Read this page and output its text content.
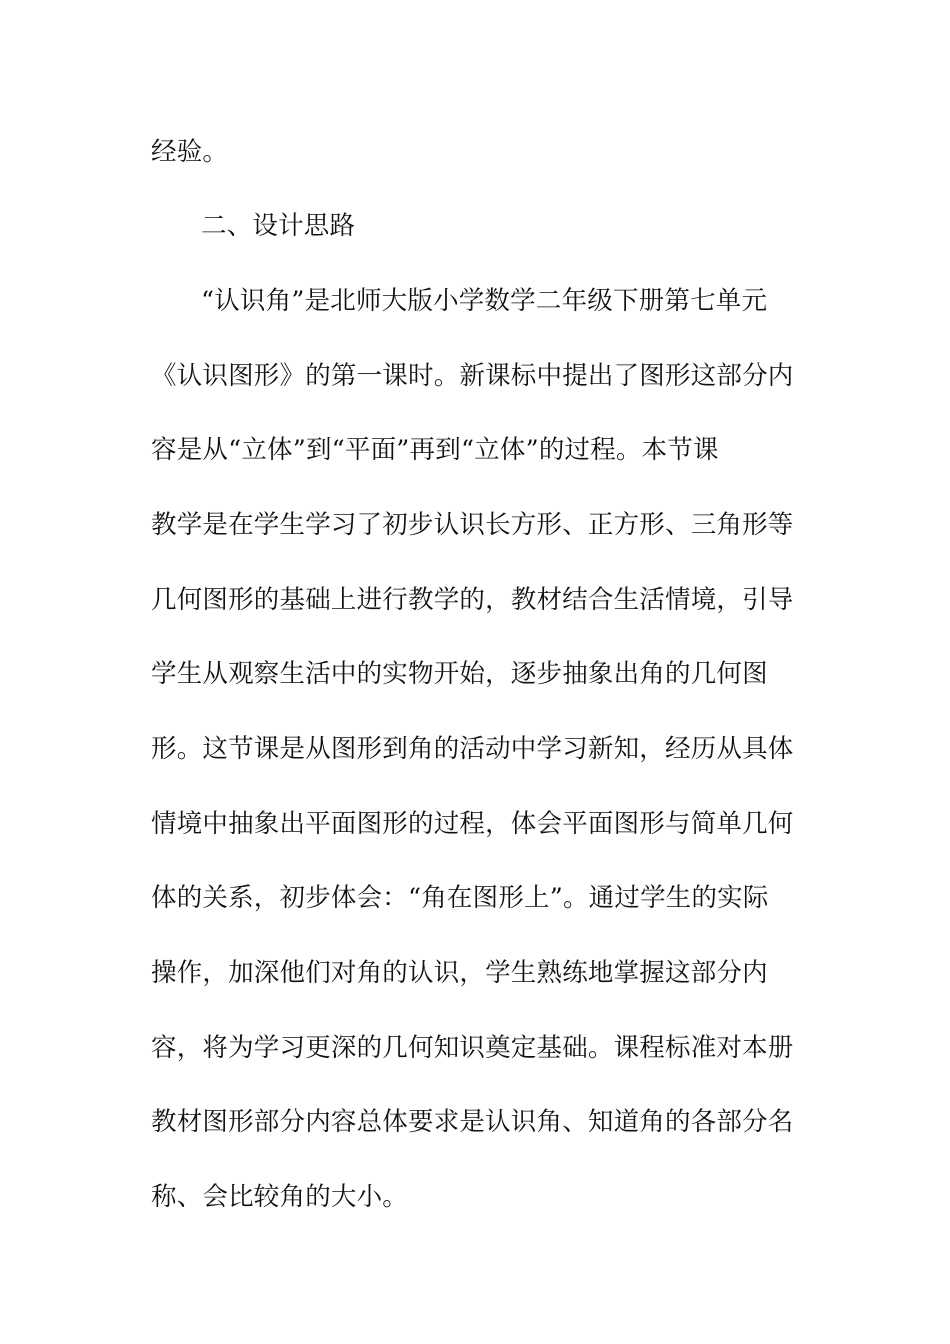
经验。
二、设计思路
“认识角”是北师大版小学数学二年级下册第七单元
《认识图形》的第一课时。新课标中提出了图形这部分内
容是从“立体”到“平面”再到“立体”的过程。本节课
教学是在学生学习了初步认识长方形、正方形、三角形等
几何图形的基础上进行教学的，教材结合生活情境，引导
学生从观察生活中的实物开始，逐步抽象出角的几何图
形。这节课是从图形到角的活动中学习新知，经历从具体
情境中抽象出平面图形的过程，体会平面图形与简单几何
体的关系，初步体会：“角在图形上”。通过学生的实际
操作，加深他们对角的认识，学生熟练地掌握这部分内
容，将为学习更深的几何知识奠定基础。课程标准对本册
教材图形部分内容总体要求是认识角、知道角的各部分名
称、会比较角的大小。
